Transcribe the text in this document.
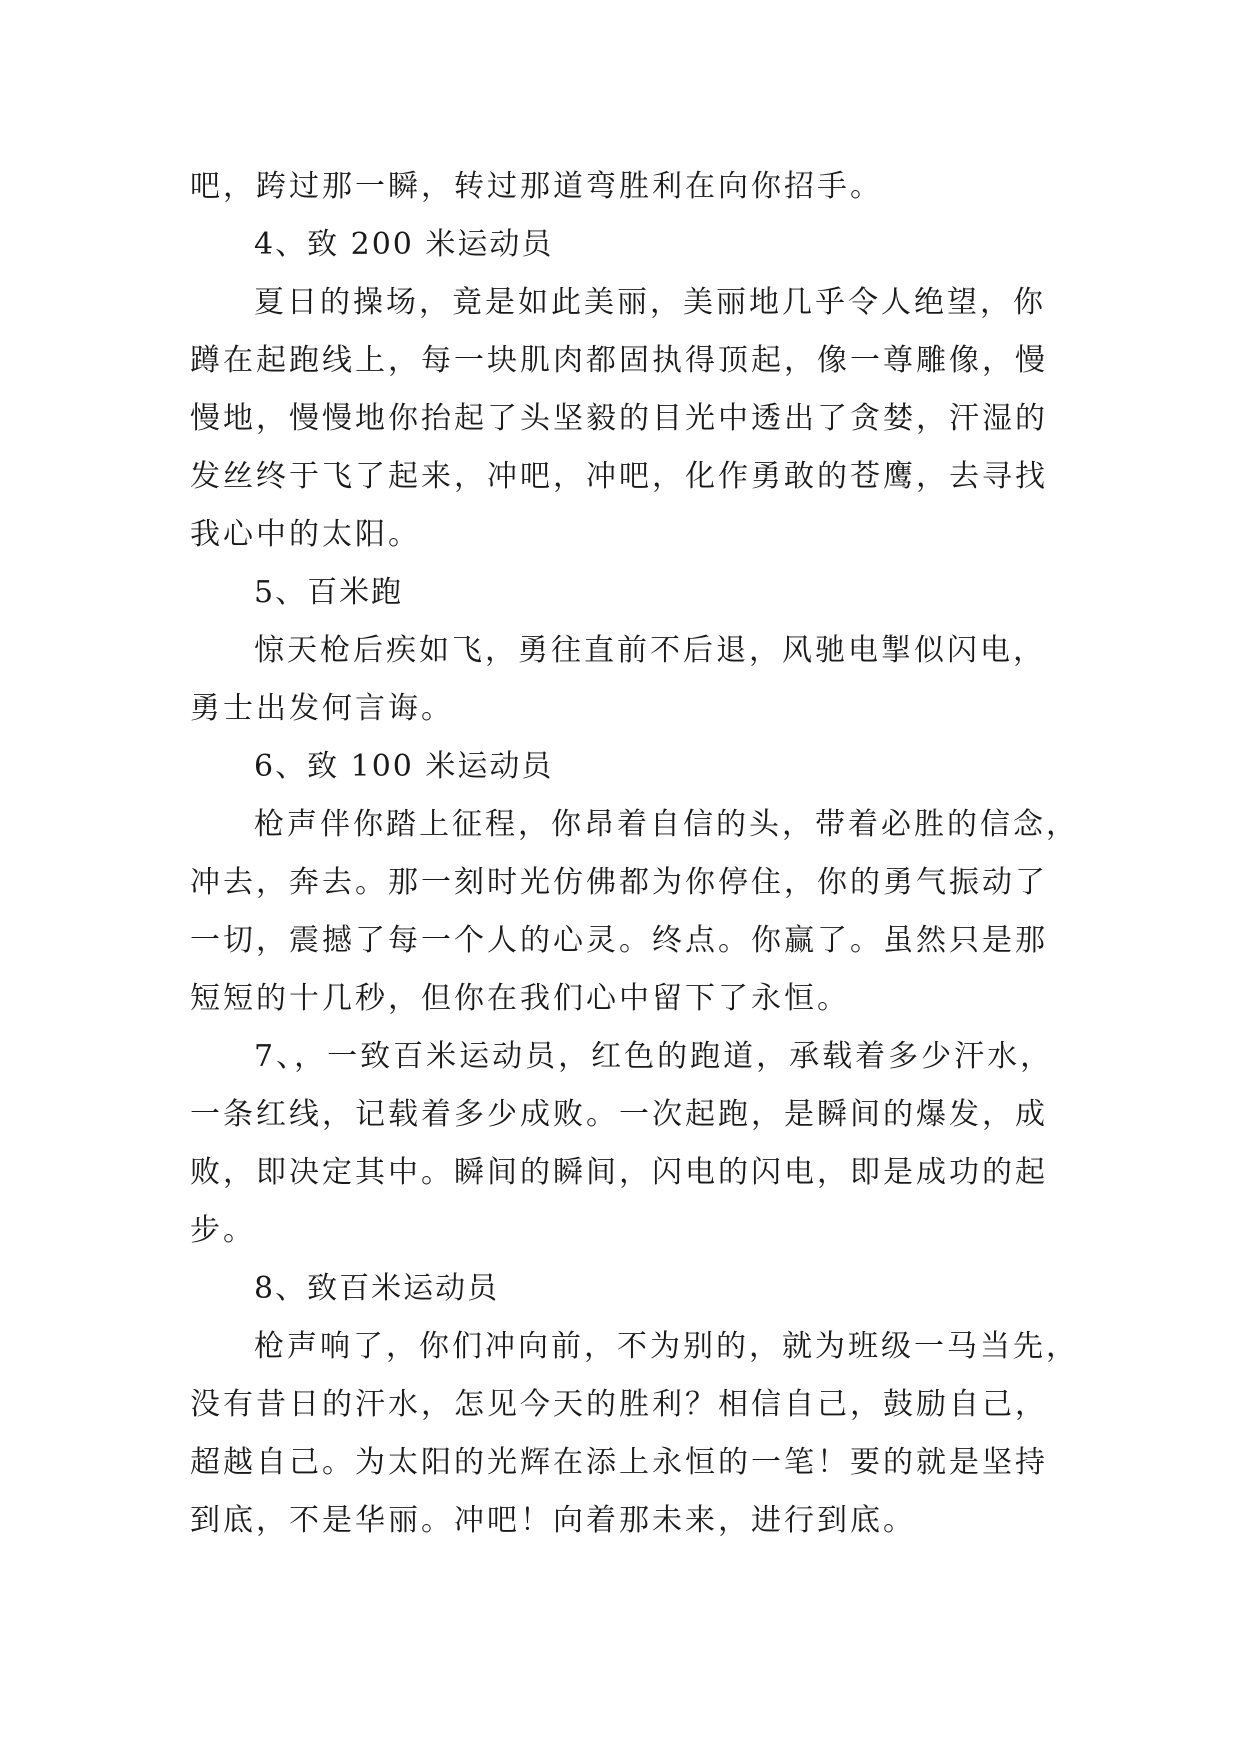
吧，跨过那一瞬，转过那道弯胜利在向你招手。
4、致 200 米运动员
夏日的操场，竟是如此美丽，美丽地几乎令人绝望，你
蹲在起跑线上，每一块肌肉都固执得顶起，像一尊雕像，慢
慢地，慢慢地你抬起了头坚毅的目光中透出了贪婪，汗湿的
发丝终于飞了起来，冲吧，冲吧，化作勇敢的苍鹰，去寻找
我心中的太阳。
5、百米跑
惊天枪后疾如飞，勇往直前不后退，风驰电掣似闪电，
勇士出发何言诲。
6、致 100 米运动员
枪声伴你踏上征程，你昂着自信的头，带着必胜的信念，
冲去，奔去。那一刻时光仿佛都为你停住，你的勇气振动了
一切，震撼了每一个人的心灵。终点。你赢了。虽然只是那
短短的十几秒，但你在我们心中留下了永恒。
7、，一致百米运动员，红色的跑道，承载着多少汗水，
一条红线，记载着多少成败。一次起跑，是瞬间的爆发，成
败，即决定其中。瞬间的瞬间，闪电的闪电，即是成功的起
步。
8、致百米运动员
枪声响了，你们冲向前，不为别的，就为班级一马当先，
没有昔日的汗水，怎见今天的胜利？相信自己，鼓励自己，
超越自己。为太阳的光辉在添上永恒的一笔！要的就是坚持
到底，不是华丽。冲吧！向着那未来，进行到底。
